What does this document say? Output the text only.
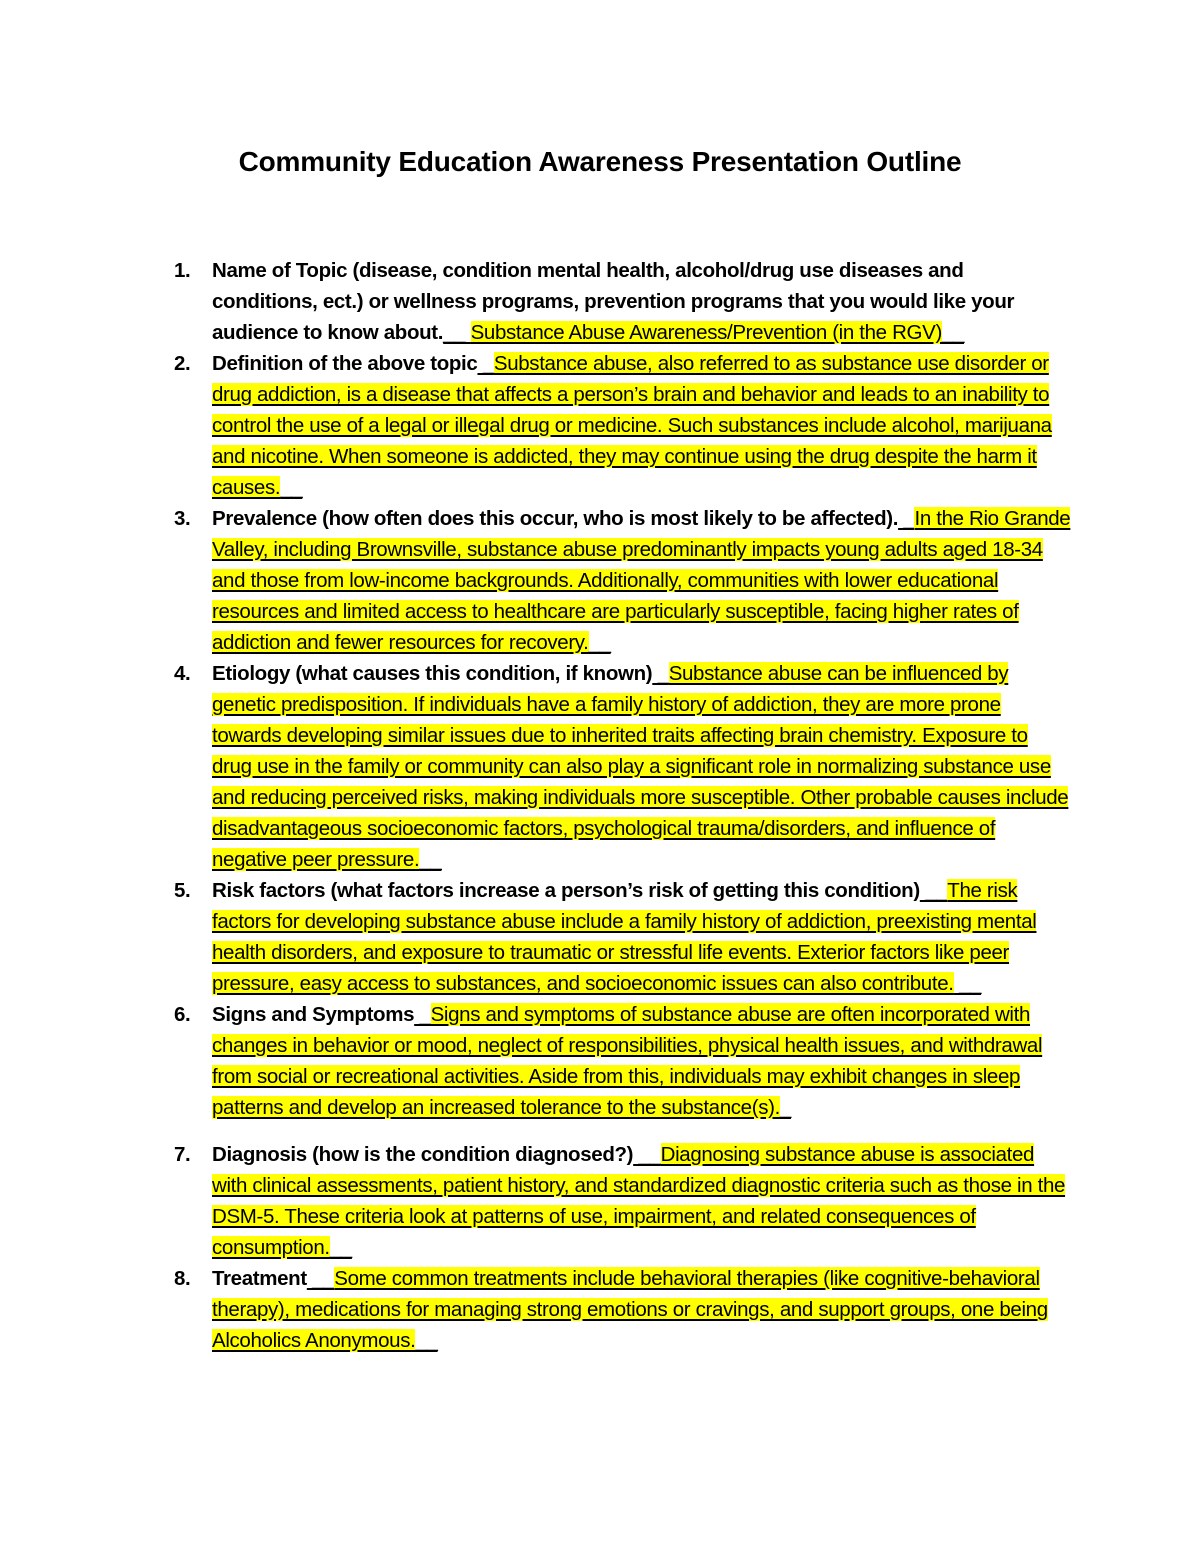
Community Education Awareness Presentation Outline
1.	Name of Topic (disease, condition mental health, alcohol/drug use diseases and conditions, ect.) or wellness programs, prevention programs that you would like your audience to know about.__ Substance Abuse Awareness/Prevention (in the RGV)__
2.	Definition of the above topic _Substance abuse, also referred to as substance use disorder or drug addiction, is a disease that affects a person’s brain and behavior and leads to an inability to control the use of a legal or illegal drug or medicine. Such substances include alcohol, marijuana and nicotine. When someone is addicted, they may continue using the drug despite the harm it causes.__
3.	Prevalence (how often does this occur, who is most likely to be affected). _In the Rio Grande Valley, including Brownsville, substance abuse predominantly impacts young adults aged 18-34 and those from low-income backgrounds. Additionally, communities with lower educational resources and limited access to healthcare are particularly susceptible, facing higher rates of addiction and fewer resources for recovery.__
4.	Etiology (what causes this condition, if known) _Substance abuse can be influenced by genetic predisposition. If individuals have a family history of addiction, they are more prone towards developing similar issues due to inherited traits affecting brain chemistry. Exposure to drug use in the family or community can also play a significant role in normalizing substance use and reducing perceived risks, making individuals more susceptible. Other probable causes include disadvantageous socioeconomic factors, psychological trauma/disorders, and influence of negative peer pressure.__
5.	Risk factors (what factors increase a person’s risk of getting this condition) __The risk factors for developing substance abuse include a family history of addiction, preexisting mental health disorders, and exposure to traumatic or stressful life events. Exterior factors like peer pressure, easy access to substances, and socioeconomic issues can also contribute. __
6.	Signs and Symptoms _Signs and symptoms of substance abuse are often incorporated with changes in behavior or mood, neglect of responsibilities, physical health issues, and withdrawal from social or recreational activities. Aside from this, individuals may exhibit changes in sleep patterns and develop an increased tolerance to the substance(s)._
7.	Diagnosis (how is the condition diagnosed?) __Diagnosing substance abuse is associated with clinical assessments, patient history, and standardized diagnostic criteria such as those in the DSM-5. These criteria look at patterns of use, impairment, and related consequences of consumption.__
8.	Treatment __Some common treatments include behavioral therapies (like cognitive-behavioral therapy), medications for managing strong emotions or cravings, and support groups, one being Alcoholics Anonymous.__
